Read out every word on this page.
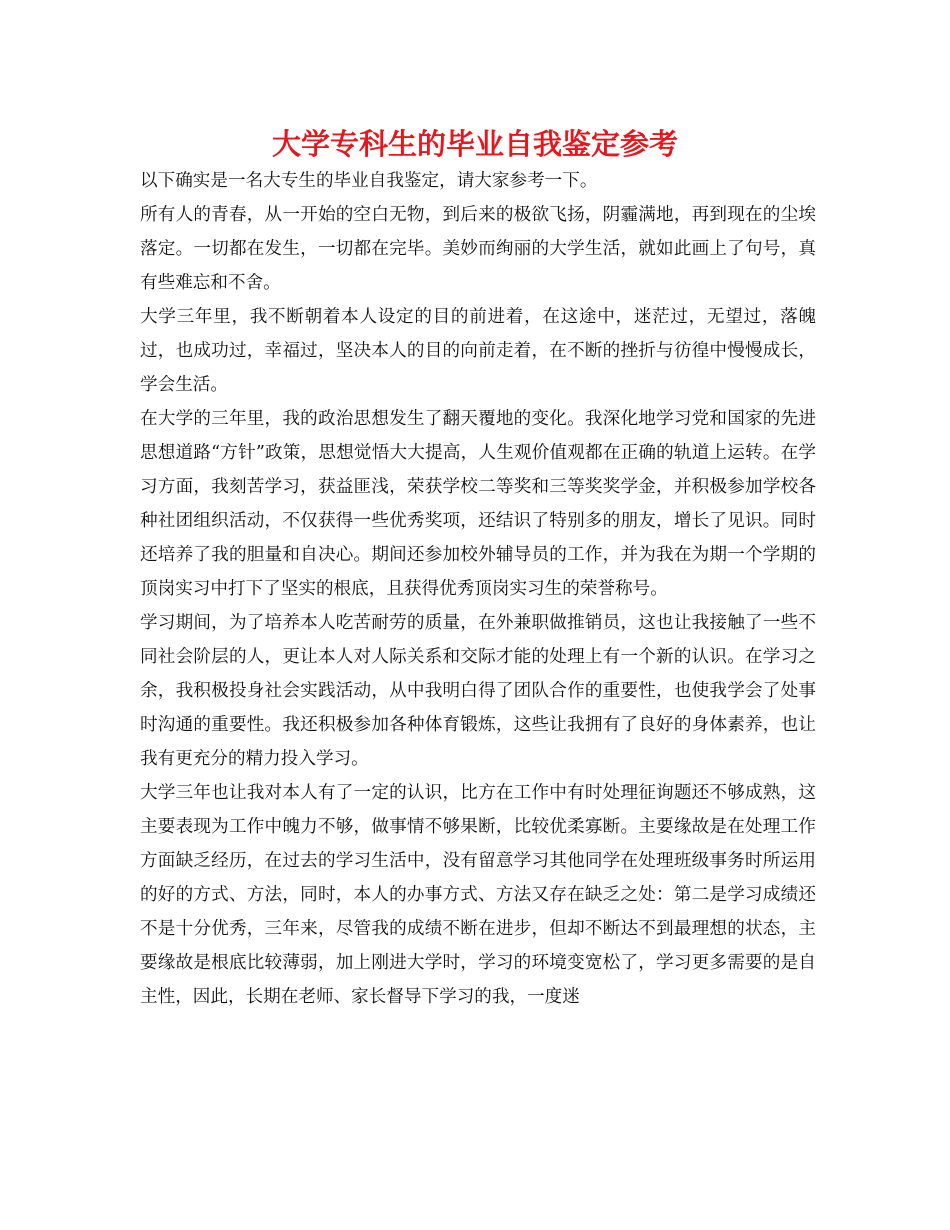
大学专科生的毕业自我鉴定参考

以下确实是一名大专生的毕业自我鉴定，请大家参考一下。

所有人的青春，从一开始的空白无物，到后来的极欲飞扬，阴霾满地，再到现在的尘埃落定。一切都在发生，一切都在完毕。美妙而绚丽的大学生活，就如此画上了句号，真有些难忘和不舍。

大学三年里，我不断朝着本人设定的目的前进着，在这途中，迷茫过，无望过，落魄过，也成功过，幸福过，坚决本人的目的向前走着，在不断的挫折与彷徨中慢慢成长，学会生活。

在大学的三年里，我的政治思想发生了翻天覆地的变化。我深化地学习党和国家的先进思想道路“方针”政策，思想觉悟大大提高，人生观价值观都在正确的轨道上运转。在学习方面，我刻苦学习，获益匪浅，荣获学校二等奖和三等奖奖学金，并积极参加学校各种社团组织活动，不仅获得一些优秀奖项，还结识了特别多的朋友，增长了见识。同时还培养了我的胆量和自决心。期间还参加校外辅导员的工作，并为我在为期一个学期的顶岗实习中打下了坚实的根底，且获得优秀顶岗实习生的荣誉称号。

学习期间，为了培养本人吃苦耐劳的质量，在外兼职做推销员，这也让我接触了一些不同社会阶层的人，更让本人对人际关系和交际才能的处理上有一个新的认识。在学习之余，我积极投身社会实践活动，从中我明白得了团队合作的重要性，也使我学会了处事时沟通的重要性。我还积极参加各种体育锻炼，这些让我拥有了良好的身体素养，也让我有更充分的精力投入学习。

大学三年也让我对本人有了一定的认识，比方在工作中有时处理征询题还不够成熟，这主要表现为工作中魄力不够，做事情不够果断，比较优柔寡断。主要缘故是在处理工作方面缺乏经历，在过去的学习生活中，没有留意学习其他同学在处理班级事务时所运用的好的方式、方法，同时，本人的办事方式、方法又存在缺乏之处：第二是学习成绩还不是十分优秀，三年来，尽管我的成绩不断在进步，但却不断达不到最理想的状态，主要缘故是根底比较薄弱，加上刚进大学时，学习的环境变宽松了，学习更多需要的是自主性，因此，长期在老师、家长督导下学习的我，一度迷
